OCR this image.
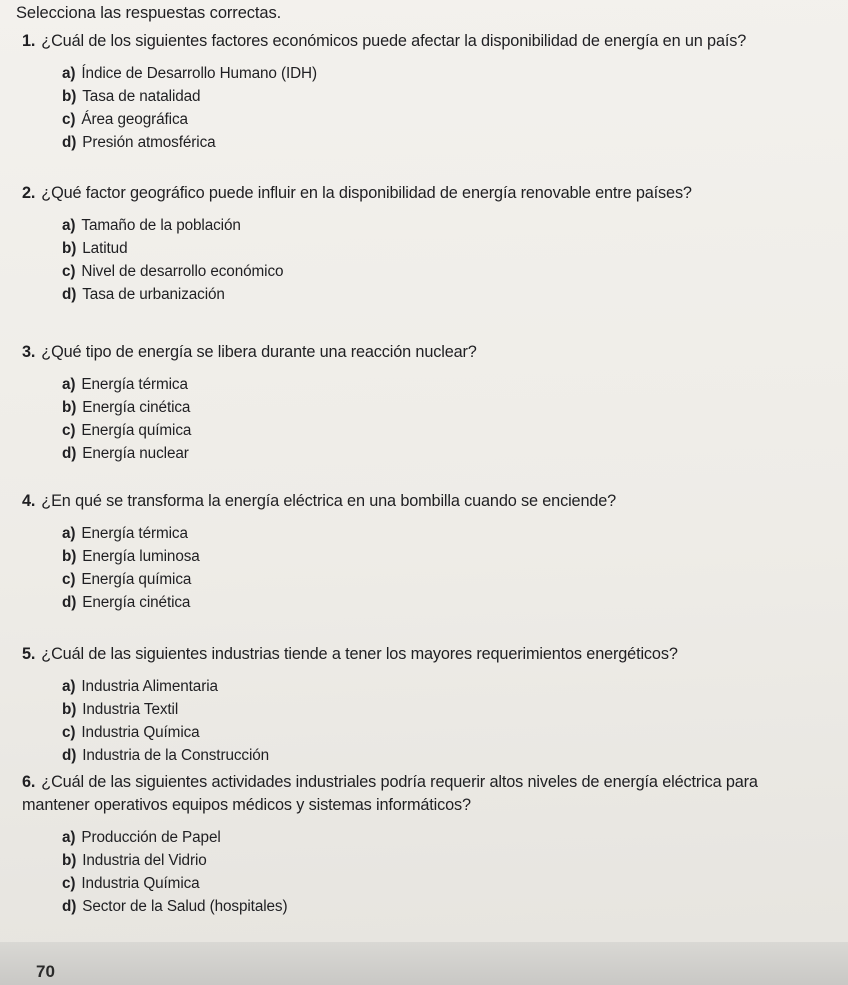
Selecciona las respuestas correctas.
1. ¿Cuál de los siguientes factores económicos puede afectar la disponibilidad de energía en un país?
a) Índice de Desarrollo Humano (IDH)
b) Tasa de natalidad
c) Área geográfica
d) Presión atmosférica
2. ¿Qué factor geográfico puede influir en la disponibilidad de energía renovable entre países?
a) Tamaño de la población
b) Latitud
c) Nivel de desarrollo económico
d) Tasa de urbanización
3. ¿Qué tipo de energía se libera durante una reacción nuclear?
a) Energía térmica
b) Energía cinética
c) Energía química
d) Energía nuclear
4. ¿En qué se transforma la energía eléctrica en una bombilla cuando se enciende?
a) Energía térmica
b) Energía luminosa
c) Energía química
d) Energía cinética
5. ¿Cuál de las siguientes industrias tiende a tener los mayores requerimientos energéticos?
a) Industria Alimentaria
b) Industria Textil
c) Industria Química
d) Industria de la Construcción
6. ¿Cuál de las siguientes actividades industriales podría requerir altos niveles de energía eléctrica para mantener operativos equipos médicos y sistemas informáticos?
a) Producción de Papel
b) Industria del Vidrio
c) Industria Química
d) Sector de la Salud (hospitales)
70
